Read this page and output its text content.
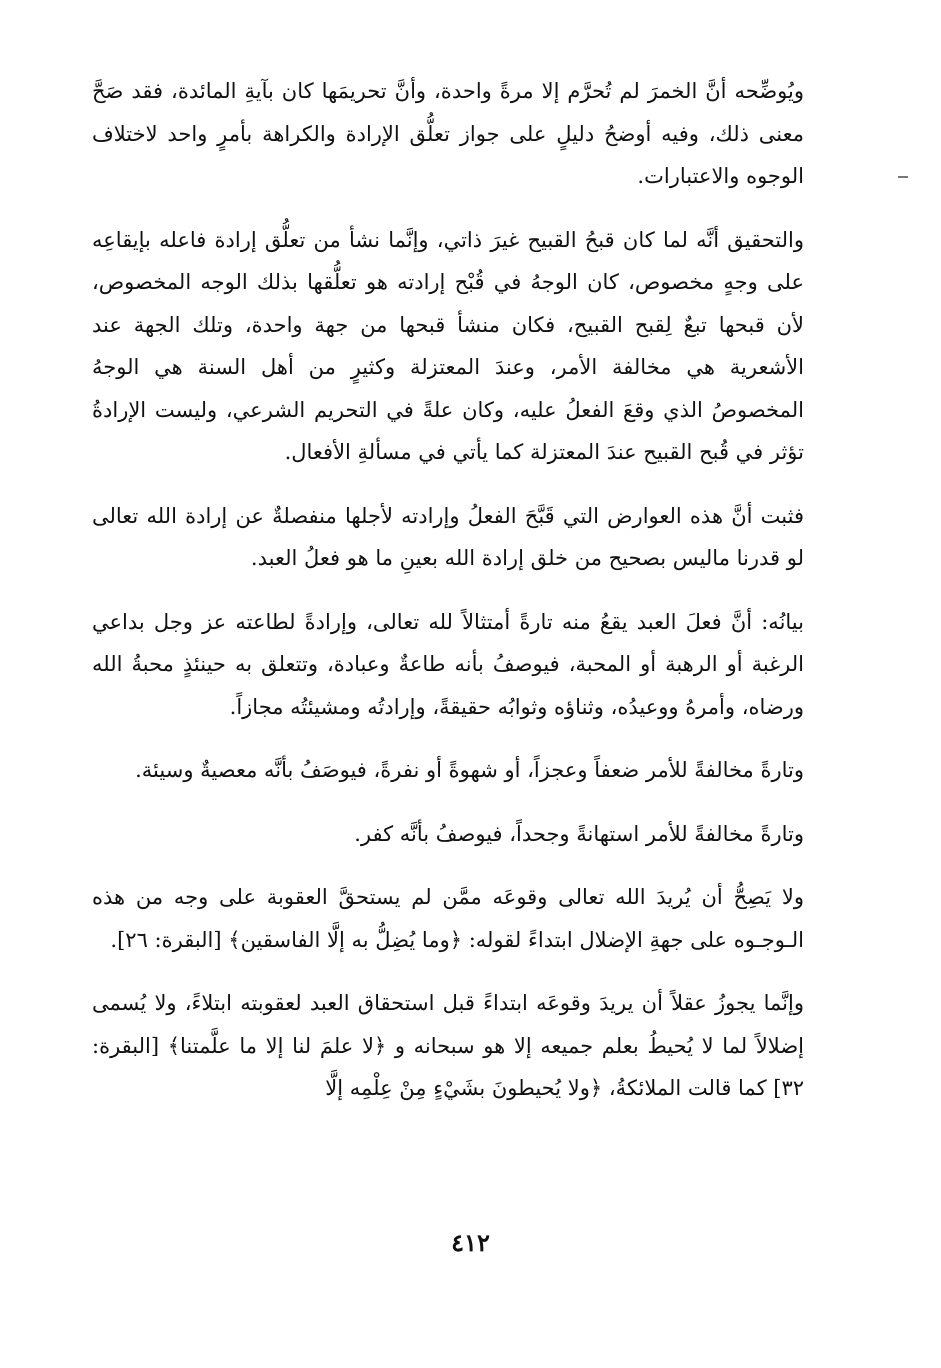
ويُوضِّحه أنَّ الخمرَ لم تُحرَّم إلا مرةً واحدة، وأنَّ تحريمَها كان بآيةِ المائدة، فقد صَحَّ معنى ذلك، وفيه أوضحُ دليلٍ على جواز تعلُّق الإرادة والكراهة بأمرٍ واحد لاختلاف الوجوه والاعتبارات.

والتحقيق أنَّه لما كان قبحُ القبيح غيرَ ذاتي، وإنَّما نشأ من تعلُّق إرادة فاعله بإيقاعِه على وجهٍ مخصوص، كان الوجهُ في قُبْح إرادته هو تعلُّقها بذلك الوجه المخصوص، لأن قبحها تبعٌ لِقبح القبيح، فكان منشأ قبحها من جهة واحدة، وتلك الجهة عند الأشعرية هي مخالفة الأمر، وعندَ المعتزلة وكثيرٍ من أهل السنة هي الوجهُ المخصوصُ الذي وقعَ الفعلُ عليه، وكان علةً في التحريم الشرعي، وليست الإرادةُ تؤثر في قُبح القبيح عندَ المعتزلة كما يأتي في مسألةِ الأفعال.

فثبت أنَّ هذه العوارض التي قَبَّحَ الفعلُ وإرادته لأجلها منفصلةٌ عن إرادة الله تعالى لو قدرنا ماليس بصحيح من خلق إرادة الله بعينِ ما هو فعلُ العبد.

بيانُه: أنَّ فعلَ العبد يقعُ منه تارةً أمتثالاً لله تعالى، وإرادةً لطاعته عز وجل بداعي الرغبة أو الرهبة أو المحبة، فيوصفُ بأنه طاعةٌ وعبادة، وتتعلق به حينئذٍ محبةُ الله ورضاه، وأمرهُ ووعيدُه، وثناؤه وثوابُه حقيقةً، وإرادتُه ومشيئتُه مجازاً.

وتارةً مخالفةً للأمر ضعفاً وعجزاً، أو شهوةً أو نفرةً، فيوصَفُ بأنَّه معصيةٌ وسيئة.

وتارةً مخالفةً للأمر استهانةً وجحداً، فيوصفُ بأنَّه كفر.

ولا يَصِحُّ أن يُريدَ الله تعالى وقوعَه ممَّن لم يستحقَّ العقوبة على وجه من هذه الـوجـوه على جهةِ الإضلال ابتداءً لقوله: ﴿وما يُضِلُّ به إلَّا الفاسقين﴾ [البقرة: ٢٦].

وإنَّما يجوزُ عقلاً أن يريدَ وقوعَه ابتداءً قبل استحقاق العبد لعقوبته ابتلاءً، ولا يُسمى إضلالاً لما لا يُحيطُ بعلم جميعه إلا هو سبحانه و ﴿لا علمَ لنا إلا ما علَّمتنا﴾ [البقرة: ٣٢] كما قالت الملائكةُ، ﴿ولا يُحيطونَ بشَيْءٍ مِنْ عِلْمِه إلَّا

٤١٢
